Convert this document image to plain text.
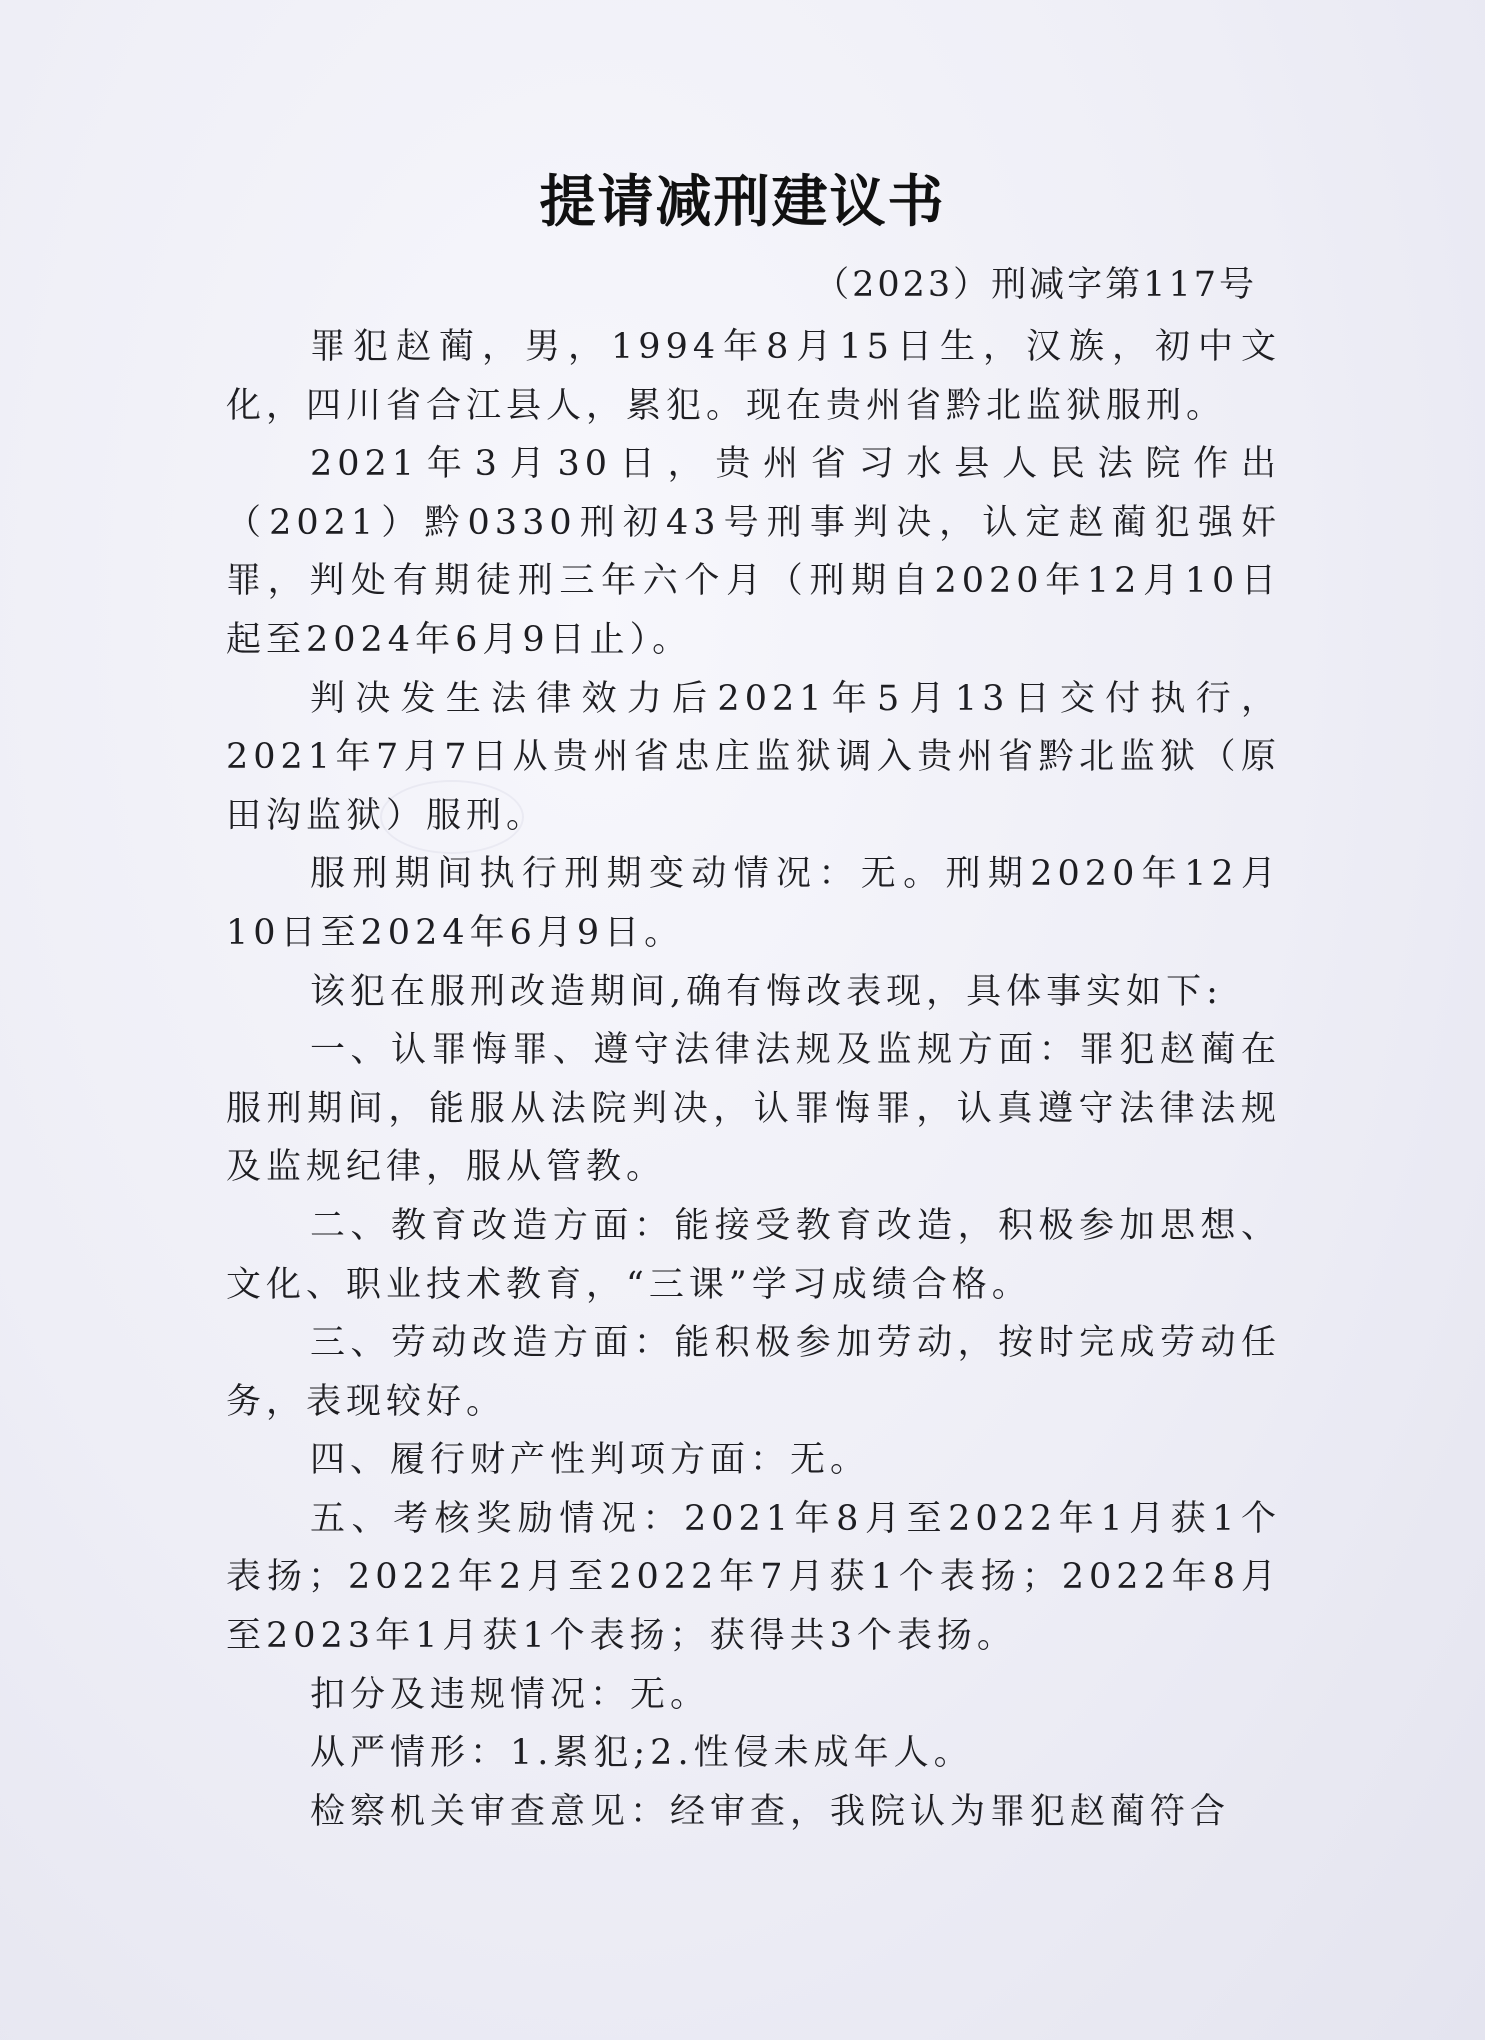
提请减刑建议书
（2023）刑减字第117号

罪犯赵蔺，男，1994年8月15日生，汉族，初中文化，四川省合江县人，累犯。现在贵州省黔北监狱服刑。

2021年3月30日，贵州省习水县人民法院作出（2021）黔0330刑初43号刑事判决，认定赵蔺犯强奸罪，判处有期徒刑三年六个月（刑期自2020年12月10日起至2024年6月9日止）。

判决发生法律效力后2021年5月13日交付执行，2021年7月7日从贵州省忠庄监狱调入贵州省黔北监狱（原田沟监狱）服刑。

服刑期间执行刑期变动情况：无。刑期2020年12月10日至2024年6月9日。

该犯在服刑改造期间,确有悔改表现，具体事实如下:

一、认罪悔罪、遵守法律法规及监规方面：罪犯赵蔺在服刑期间，能服从法院判决，认罪悔罪，认真遵守法律法规及监规纪律，服从管教。

二、教育改造方面：能接受教育改造，积极参加思想、文化、职业技术教育，“三课”学习成绩合格。

三、劳动改造方面：能积极参加劳动，按时完成劳动任务，表现较好。

四、履行财产性判项方面：无。

五、考核奖励情况：2021年8月至2022年1月获1个表扬；2022年2月至2022年7月获1个表扬；2022年8月至2023年1月获1个表扬；获得共3个表扬。

扣分及违规情况：无。

从严情形：1.累犯;2.性侵未成年人。

检察机关审查意见：经审查，我院认为罪犯赵蔺符合
